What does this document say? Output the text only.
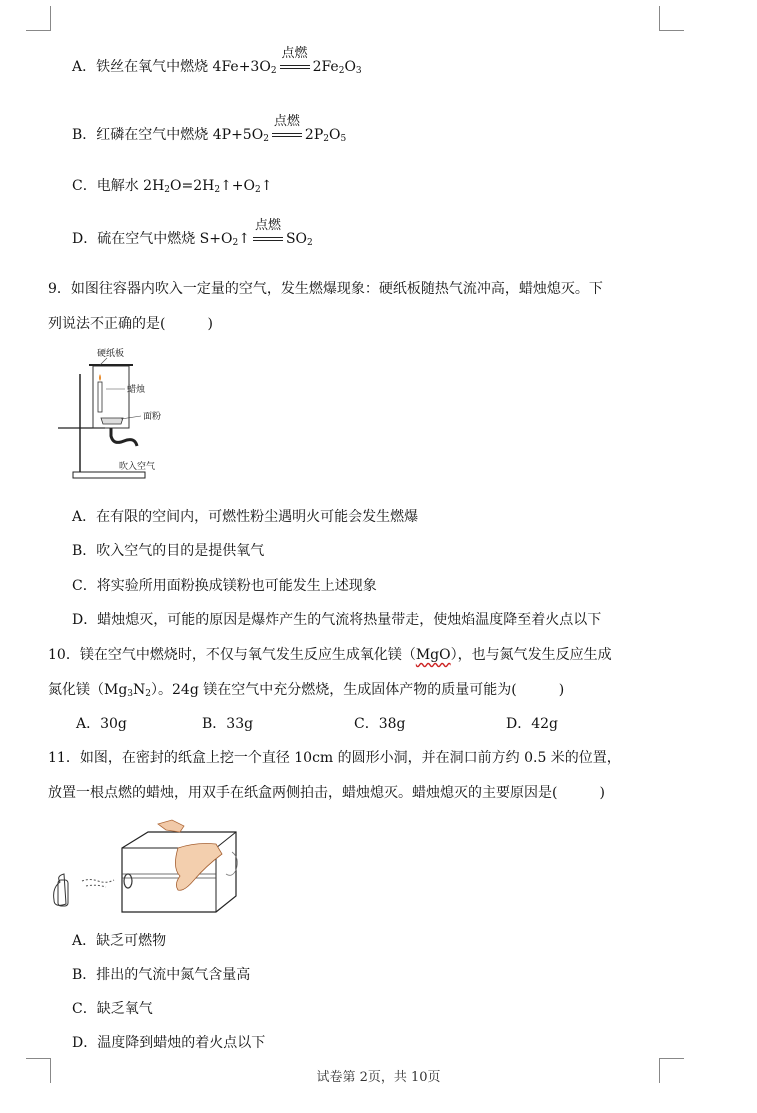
A．铁丝在氧气中燃烧 $4Fe+3O_2$
点燃
$2Fe_2O_3$
B．红磷在空气中燃烧 $4P+5O_2$
点燃
$2P_2O_5$
C．电解水 $2H_2O=2H_2↑+O_2↑$
D．硫在空气中燃烧 $S+O_2↑$
点燃
$SO_2$
9．如图往容器内吹入一定量的空气，发生燃爆现象：硬纸板随热气流冲高，蜡烛熄灭。下
列说法不正确的是(　　　)
硬纸板
蜡烛
面粉
吹入空气
A．在有限的空间内，可燃性粉尘遇明火可能会发生燃爆
B．吹入空气的目的是提供氧气
C．将实验所用面粉换成镁粉也可能发生上述现象
D．蜡烛熄灭，可能的原因是爆炸产生的气流将热量带走，使烛焰温度降至着火点以下
10．镁在空气中燃烧时，不仅与氧气发生反应生成氧化镁（MgO），也与氮气发生反应生成
氮化镁$(Mg_3N_2)$。24g 镁在空气中充分燃烧，生成固体产物的质量可能为(　　　)
A．30g	B．33g	C．38g	D．42g
11．如图，在密封的纸盒上挖一个直径 10cm 的圆形小洞，并在洞口前方约 0.5 米的位置，
放置一根点燃的蜡烛，用双手在纸盒两侧拍击，蜡烛熄灭。蜡烛熄灭的主要原因是(　　　)
A．缺乏可燃物
B．排出的气流中氮气含量高
C．缺乏氧气
D．温度降到蜡烛的着火点以下
试卷第 2页，共 10页
